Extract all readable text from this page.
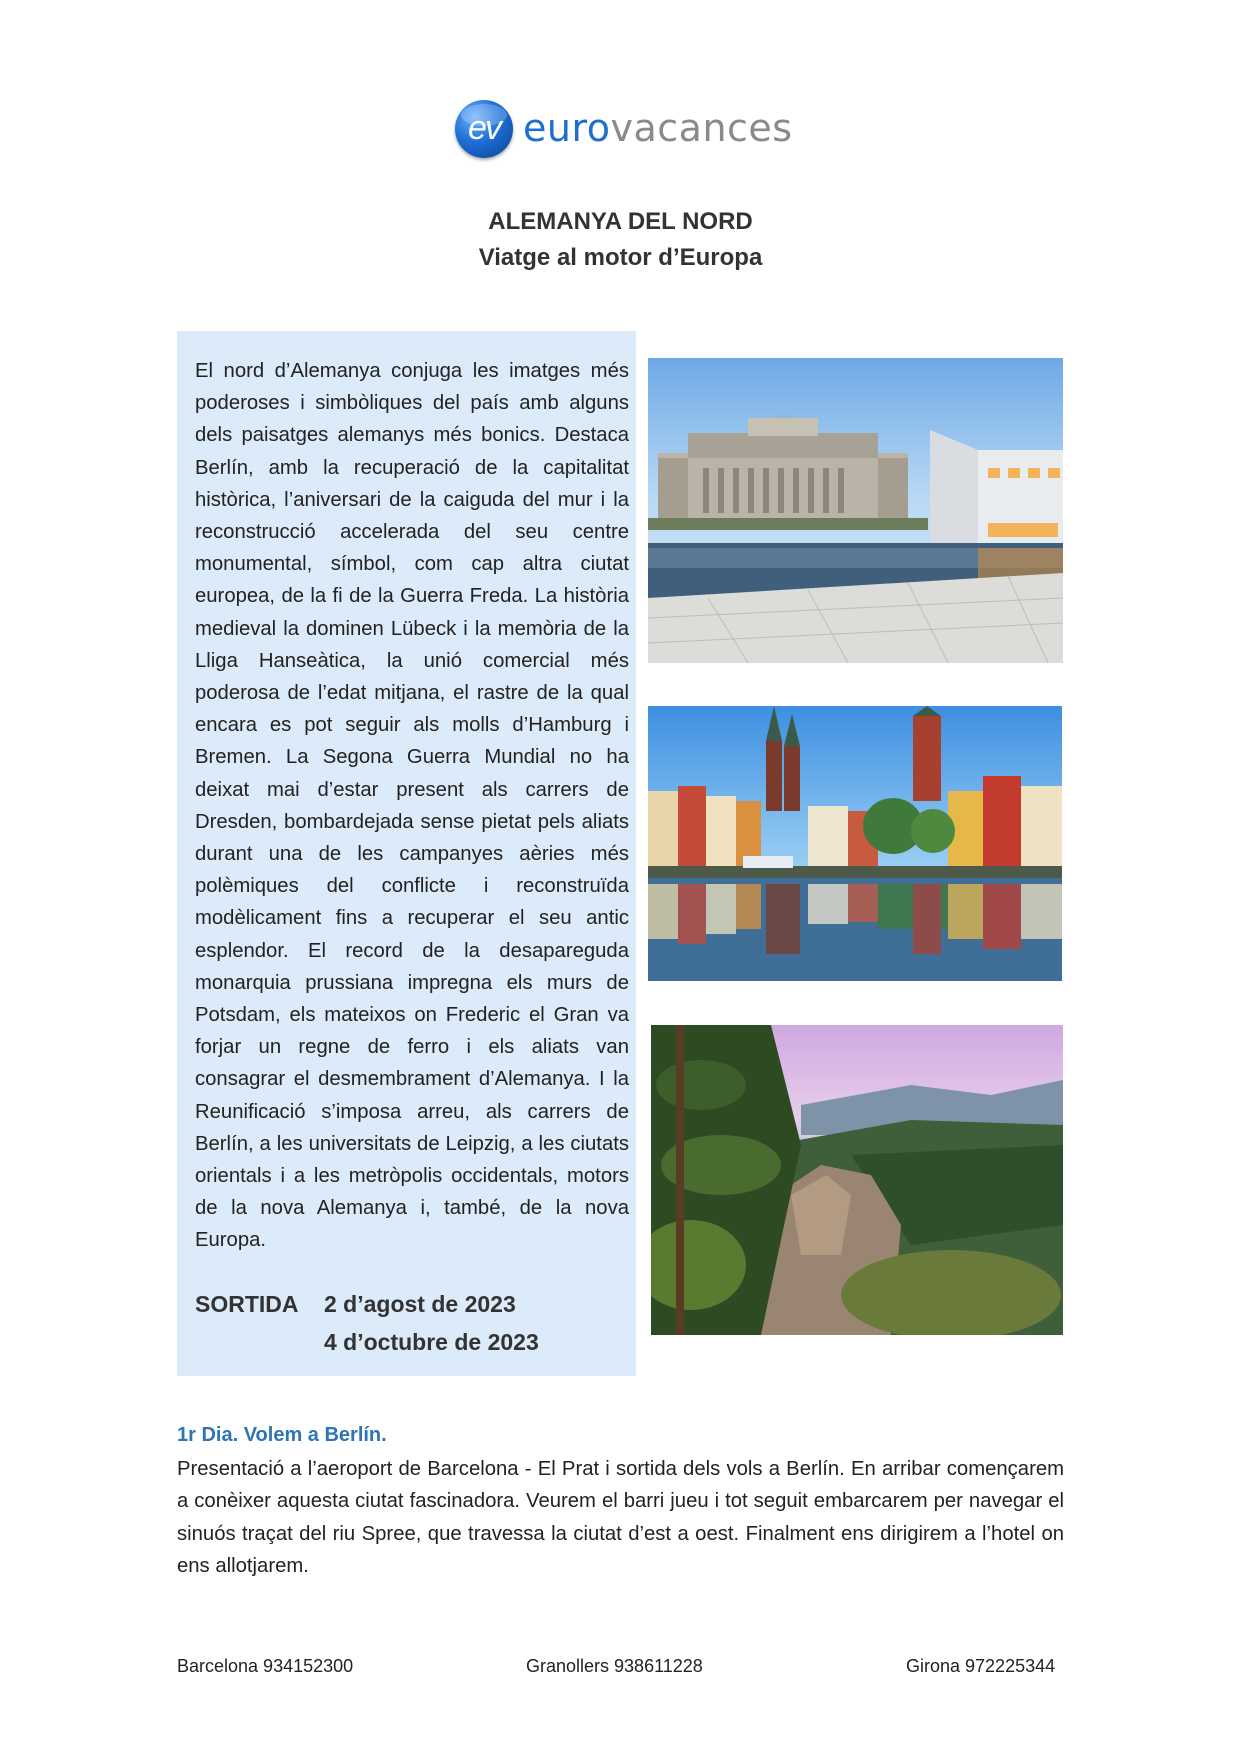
ev eurovacances
ALEMANYA DEL NORD
Viatge al motor d’Europa
El nord d’Alemanya conjuga les imatges més poderoses i simbòliques del país amb alguns dels paisatges alemanys més bonics. Destaca Berlín, amb la recuperació de la capitalitat històrica, l’aniversari de la caiguda del mur i la reconstrucció accelerada del seu centre monumental, símbol, com cap altra ciutat europea, de la fi de la Guerra Freda. La història medieval la dominen Lübeck i la memòria de la Lliga Hanseàtica, la unió comercial més poderosa de l’edat mitjana, el rastre de la qual encara es pot seguir als molls d’Hamburg i Bremen. La Segona Guerra Mundial no ha deixat mai d’estar present als carrers de Dresden, bombardejada sense pietat pels aliats durant una de les campanyes aèries més polèmiques del conflicte i reconstruïda modèlicament fins a recuperar el seu antic esplendor. El record de la desapareguda monarquia prussiana impregna els murs de Potsdam, els mateixos on Frederic el Gran va forjar un regne de ferro i els aliats van consagrar el desmembrament d’Alemanya. I la Reunificació s’imposa arreu, als carrers de Berlín, a les universitats de Leipzig, a les ciutats orientals i a les metròpolis occidentals, motors de la nova Alemanya i, també, de la nova Europa.
SORTIDA 2 d’agost de 2023
4 d’octubre de 2023
1r Dia. Volem a Berlín.
Presentació a l’aeroport de Barcelona - El Prat i sortida dels vols a Berlín. En arribar començarem a conèixer aquesta ciutat fascinadora. Veurem el barri jueu i tot seguit embarcarem per navegar el sinuós traçat del riu Spree, que travessa la ciutat d’est a oest. Finalment ens dirigirem a l’hotel on ens allotjarem.
Barcelona 934152300	Granollers 938611228	Girona 972225344
